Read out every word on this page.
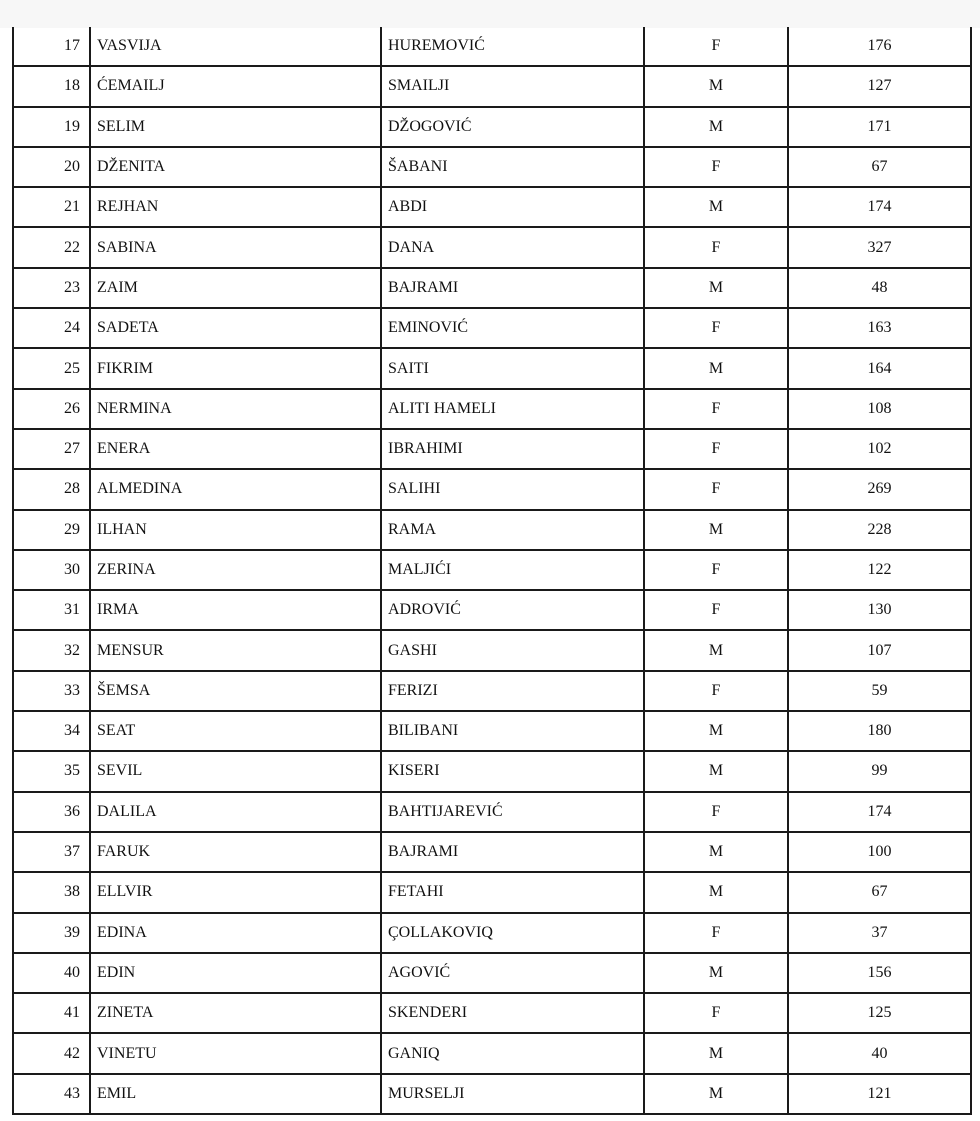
17	VASVIJA	HUREMOVIĆ	F	176
18	ĆEMAILJ	SMAILJI	M	127
19	SELIM	DŽOGOVIĆ	M	171
20	DŽENITA	ŠABANI	F	67
21	REJHAN	ABDI	M	174
22	SABINA	DANA	F	327
23	ZAIM	BAJRAMI	M	48
24	SADETA	EMINOVIĆ	F	163
25	FIKRIM	SAITI	M	164
26	NERMINA	ALITI HAMELI	F	108
27	ENERA	IBRAHIMI	F	102
28	ALMEDINA	SALIHI	F	269
29	ILHAN	RAMA	M	228
30	ZERINA	MALJIĆI	F	122
31	IRMA	ADROVIĆ	F	130
32	MENSUR	GASHI	M	107
33	ŠEMSA	FERIZI	F	59
34	SEAT	BILIBANI	M	180
35	SEVIL	KISERI	M	99
36	DALILA	BAHTIJAREVIĆ	F	174
37	FARUK	BAJRAMI	M	100
38	ELLVIR	FETAHI	M	67
39	EDINA	ÇOLLAKOVIQ	F	37
40	EDIN	AGOVIĆ	M	156
41	ZINETA	SKENDERI	F	125
42	VINETU	GANIQ	M	40
43	EMIL	MURSELJI	M	121
